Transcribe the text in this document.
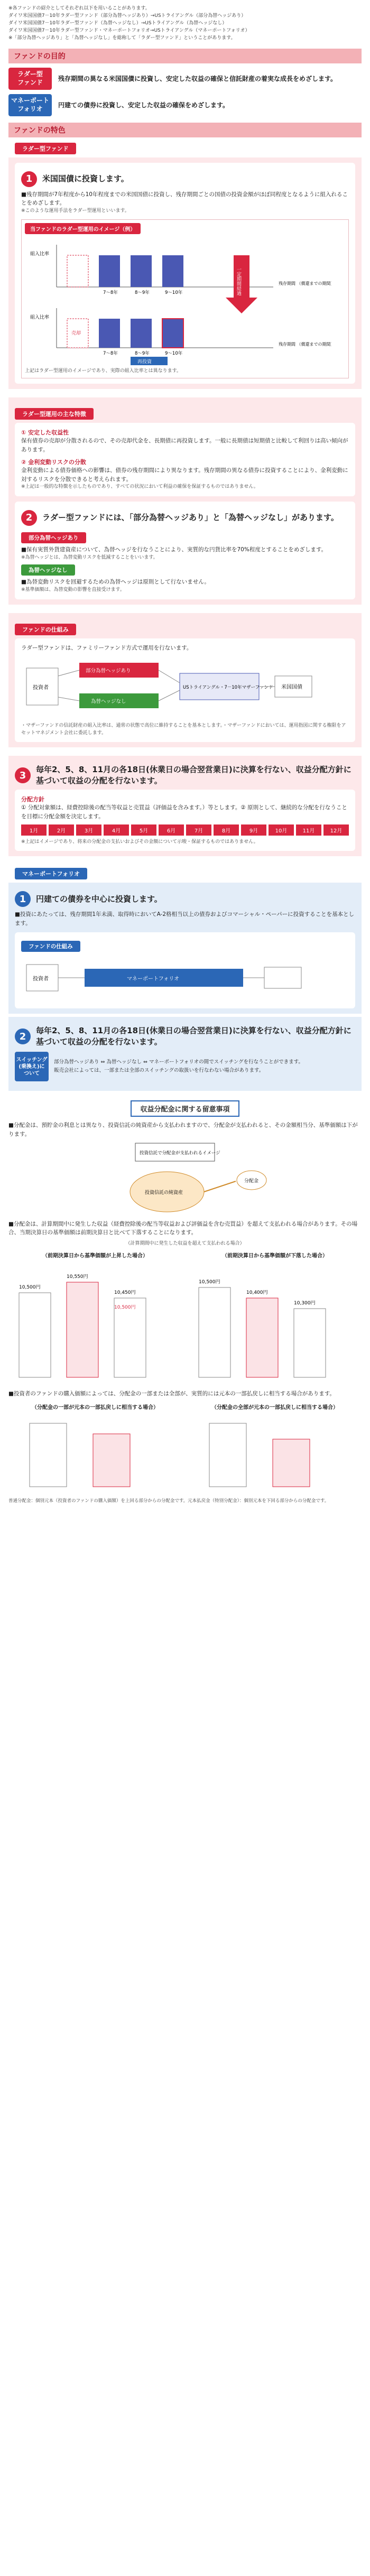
※各ファンドの紹介としてそれぞれ以下を用いることがあります。
ダイワ米国国債7－10年ラダー型ファンド（部分為替ヘッジあり）→USトライアングル（部分為替ヘッジあり）
ダイワ米国国債7－10年ラダー型ファンド（為替ヘッジなし）→USトライアングル（為替ヘッジなし）
ダイワ米国国債7－10年ラダー型ファンド・マネーポートフォリオ→USトライアングル（マネーポートフォリオ）
※「部分為替ヘッジあり」と「為替ヘッジなし」を総称して「ラダー型ファンド」ということがあります。
ファンドの目的
ラダー型
ファンド	残存期間の異なる米国国債に投資し、安定した収益の確保と信託財産の着実な成長をめざします。
マネーポート
フォリオ	円建ての債券に投資し、安定した収益の確保をめざします。
ファンドの特色
ラダー型ファンド
1	米国国債に投資します。
■残存期間が7年程度から10年程度までの米国国債に投資し、残存期間ごとの国債の投資金額がほぼ同程度となるように組入れることをめざします。
※このような運用手法をラダー型運用といいます。
当ファンドのラダー型運用のイメージ（例）
組入比率
7～8年	8～9年	9～10年
残存期間 （償還までの期間）
一定期間経過
組入比率
売却
7～8年	8～9年	9～10年
再投資
残存期間 （償還までの期間）
上記はラダー型運用のイメージであり、実際の組入比率とは異なります。
ラダー型運用の主な特徴
① 安定した収益性
保有債券の売却が分散されるので、その売却代金を、長期債に再投資します。一般に長期債は短期債と比較して利回りは高い傾向があります。
② 金利変動リスクの分散
金利変動による債券価格への影響は、債券の残存期間により異なります。残存期間の異なる債券に投資することにより、金利変動に対するリスクを分散できると考えられます。
※上記は一般的な特徴を示したものであり、すべての状況において利益の確保を保証するものではありません。
2	ラダー型ファンドには、「部分為替ヘッジあり」と「為替ヘッジなし」があります。
部分為替ヘッジあり
■保有実質外貨建資産について、為替ヘッジを行なうことにより、実質的な円貨比率を70%程度とすることをめざします。
※為替ヘッジとは、為替変動リスクを低減することをいいます。
為替ヘッジなし
■為替変動リスクを回避するための為替ヘッジは原則として行ないません。
※基準価額は、為替変動の影響を直接受けます。
ファンドの仕組み
ラダー型ファンドは、ファミリーファンド方式で運用を行ないます。
投資者
部分為替ヘッジあり
為替ヘッジなし
USトライアングル・7－10年マザーファンド 米国国債
・マザーファンドの信託財産の組入比率は、通常の状態で高位に維持することを基本とします。・マザーファンドにおいては、運用指図に関する権限をアセットマネジメント会社に委託します。
3
毎年2、5、8、11月の各18日(休業日の場合翌営業日)に決算を行ない、収益分配方針に基づいて収益の分配を行ないます。
分配方針
① 分配対象額は、経費控除後の配当等収益と売買益（評価益を含みます。）等とします。② 原則として、継続的な分配を行なうことを目標に分配金額を決定します。
1月	2月	3月	4月	5月	6月	7月	8月	9月	10月	11月	12月
※上記はイメージであり、将来の分配金の支払いおよびその金額について示唆・保証するものではありません。
マネーポートフォリオ
1	円建ての債券を中心に投資します。
■投資にあたっては、残存期間1年未満、取得時においてA-2格相当以上の債券およびコマーシャル・ペーパーに投資することを基本とします。
ファンドの仕組み
投資者	マネーポートフォリオ
2
毎年2、5、8、11月の各18日(休業日の場合翌営業日)に決算を行ない、収益分配方針に基づいて収益の分配を行ないます。
スイッチング
(乗換え)に
ついて
部分為替ヘッジあり ⇔ 為替ヘッジなし ⇔ マネーポートフォリオの間でスイッチングを行なうことができます。
販売会社によっては、一部または全部のスイッチングの取扱いを行なわない場合があります。
収益分配金に関する留意事項
■分配金は、預貯金の利息とは異なり、投資信託の純資産から支払われますので、分配金が支払われると、その金額相当分、基準価額は下がります。
投資信託で分配金が支払われるイメージ
投資信託の純資産
分配金
■分配金は、計算期間中に発生した収益（経費控除後の配当等収益および評価益を含む売買益）を超えて支払われる場合があります。その場合、当期決算日の基準価額は前期決算日と比べて下落することになります。
（計算期間中に発生した収益を超えて支払われる場合）
（前期決算日から基準価額が上昇した場合）
10,500円
10,550円
10,450円
10,500円
（前期決算日から基準価額が下落した場合）
10,500円
10,400円
10,300円
■投資者のファンドの購入価額によっては、分配金の一部または全部が、実質的には元本の一部払戻しに相当する場合があります。
（分配金の一部が元本の一部払戻しに相当する場合）	（分配金の全部が元本の一部払戻しに相当する場合）
普通分配金：個別元本（投資者のファンドの購入価額）を上回る部分からの分配金です。元本払戻金（特別分配金）：個別元本を下回る部分からの分配金です。
